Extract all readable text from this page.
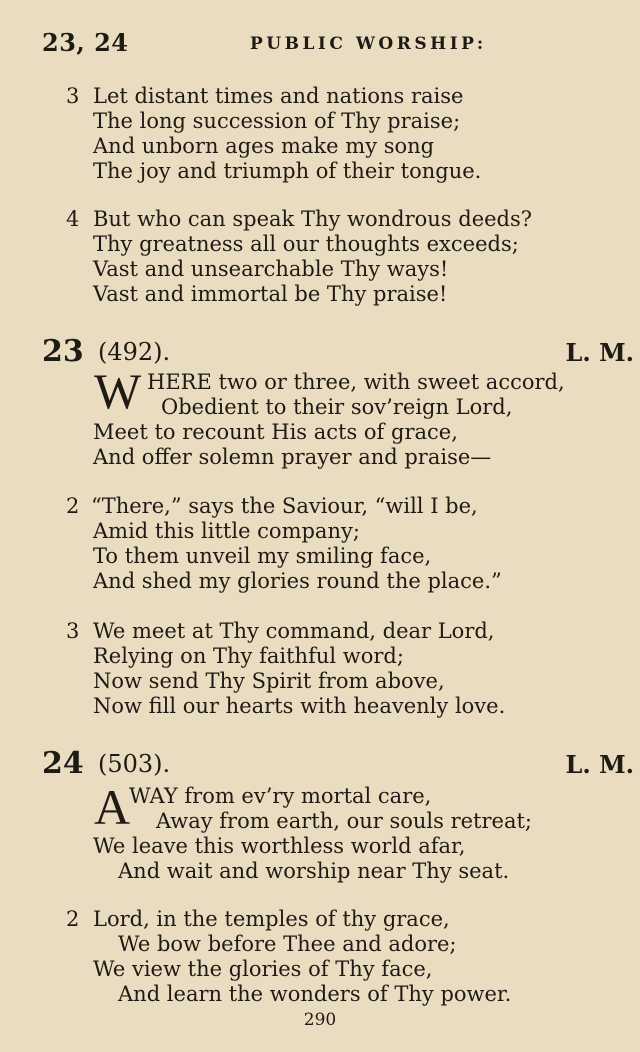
23, 24	PUBLIC WORSHIP:
3 Let distant times and nations raise
The long succession of Thy praise;
And unborn ages make my song
The joy and triumph of their tongue.
4 But who can speak Thy wondrous deeds?
Thy greatness all our thoughts exceeds;
Vast and unsearchable Thy ways!
Vast and immortal be Thy praise!
23 (492).	L. M.
W HERE two or three, with sweet accord,
Obedient to their sov’reign Lord,
Meet to recount His acts of grace,
And offer solemn prayer and praise—
2 “There,” says the Saviour, “will I be,
Amid this little company;
To them unveil my smiling face,
And shed my glories round the place.”
3 We meet at Thy command, dear Lord,
Relying on Thy faithful word;
Now send Thy Spirit from above,
Now fill our hearts with heavenly love.
24 (503).	L. M.
A
WAY from ev’ry mortal care,
Away from earth, our souls retreat;
We leave this worthless world afar,
And wait and worship near Thy seat.
2 Lord, in the temples of thy grace,
We bow before Thee and adore;
We view the glories of Thy face,
And learn the wonders of Thy power.
290
